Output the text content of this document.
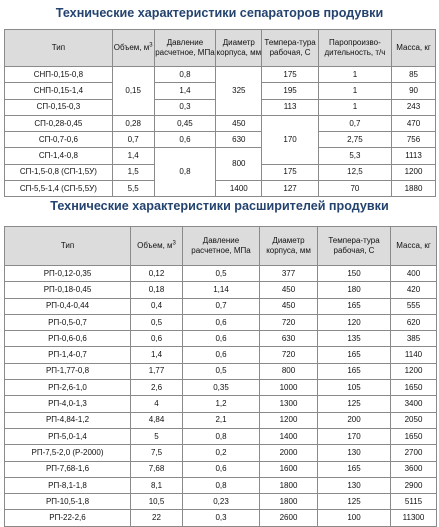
Технические характеристики сепараторов продувки
Тип	Объем, $м^3$	Давление расчетное, МПа	Диаметр корпуса, мм	Темпера-тура рабочая, С	Паропроизво-дительность, т/ч	Масса, кг
СНП-0,15-0,8	0,15	0,8	325	175	1	85
СНП-0,15-1,4		1,4		195	1	90
СП-0,15-0,3		0,3		113	1	243
СП-0,28-0,45	0,28	0,45	450	170	0,7	470
СП-0,7-0,6	0,7	0,6	630		2,75	756
СП-1,4-0,8	1,4	0,8	800		5,3	1113
СП-1,5-0,8 (СП-1,5У)	1,5			175	12,5	1200
СП-5,5-1,4 (СП-5,5У)	5,5		1400	127	70	1880
Технические характеристики расширителей продувки
Тип	Объем, $м^3$	Давление расчетное, МПа	Диаметр корпуса, мм	Темпера-тура рабочая, С	Масса, кг
РП-0,12-0,35	0,12	0,5	377	150	400
РП-0,18-0,45	0,18	1,14	450	180	420
РП-0,4-0,44	0,4	0,7	450	165	555
РП-0,5-0,7	0,5	0,6	720	120	620
РП-0,6-0,6	0,6	0,6	630	135	385
РП-1,4-0,7	1,4	0,6	720	165	1140
РП-1,77-0,8	1,77	0,5	800	165	1200
РП-2,6-1,0	2,6	0,35	1000	105	1650
РП-4,0-1,3	4	1,2	1300	125	3400
РП-4,84-1,2	4,84	2,1	1200	200	2050
РП-5,0-1,4	5	0,8	1400	170	1650
РП-7,5-2,0 (Р-2000)	7,5	0,2	2000	130	2700
РП-7,68-1,6	7,68	0,6	1600	165	3600
РП-8,1-1,8	8,1	0,8	1800	130	2900
РП-10,5-1,8	10,5	0,23	1800	125	5115
РП-22-2,6	22	0,3	2600	100	11300
